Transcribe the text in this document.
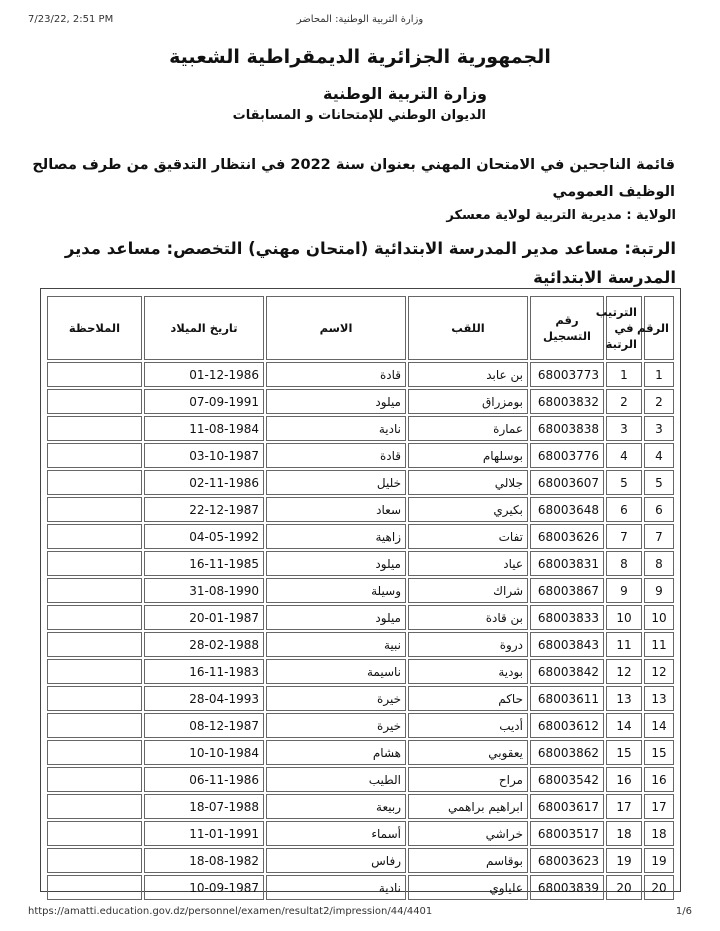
7/23/22, 2:51 PM	وزارة التربية الوطنية: المحاضر
الجمهورية الجزائرية الديمقراطية الشعبية
وزارة التربية الوطنية
الديوان الوطني للإمتحانات و المسابقات
قائمة الناجحين في الامتحان المهني بعنوان سنة 2022 في انتظار التدقيق من طرف مصالح الوظيف العمومي
الولاية : مديرية التربية لولاية معسكر
الرتبة: مساعد مدير المدرسة الابتدائية (امتحان مهني) التخصص: مساعد مدير المدرسة الابتدائية
الرقم	الترتيب في الرتبة	رقم التسجيل	اللقب	الاسم	تاريخ الميلاد	الملاحظة
1	1	68003773	بن عابد	قادة	01-12-1986	
2	2	68003832	بومزراق	ميلود	07-09-1991	
3	3	68003838	عمارة	نادية	11-08-1984	
4	4	68003776	بوسلهام	قادة	03-10-1987	
5	5	68003607	جلالي	خليل	02-11-1986	
6	6	68003648	بكيري	سعاد	22-12-1987	
7	7	68003626	تفات	زاهية	04-05-1992	
8	8	68003831	عياد	ميلود	16-11-1985	
9	9	68003867	شراك	وسيلة	31-08-1990	
10	10	68003833	بن قادة	ميلود	20-01-1987	
11	11	68003843	دروة	نبية	28-02-1988	
12	12	68003842	بودية	ناسيمة	16-11-1983	
13	13	68003611	حاكم	خيرة	28-04-1993	
14	14	68003612	أديب	خيرة	08-12-1987	
15	15	68003862	يعقوبي	هشام	10-10-1984	
16	16	68003542	مراح	الطيب	06-11-1986	
17	17	68003617	ابراهيم براهمي	ربيعة	18-07-1988	
18	18	68003517	خراشي	أسماء	11-01-1991	
19	19	68003623	بوقاسم	رفاس	18-08-1982	
20	20	68003839	علياوي	نادية	10-09-1987	
https://amatti.education.gov.dz/personnel/examen/resultat2/impression/44/4401	1/6
